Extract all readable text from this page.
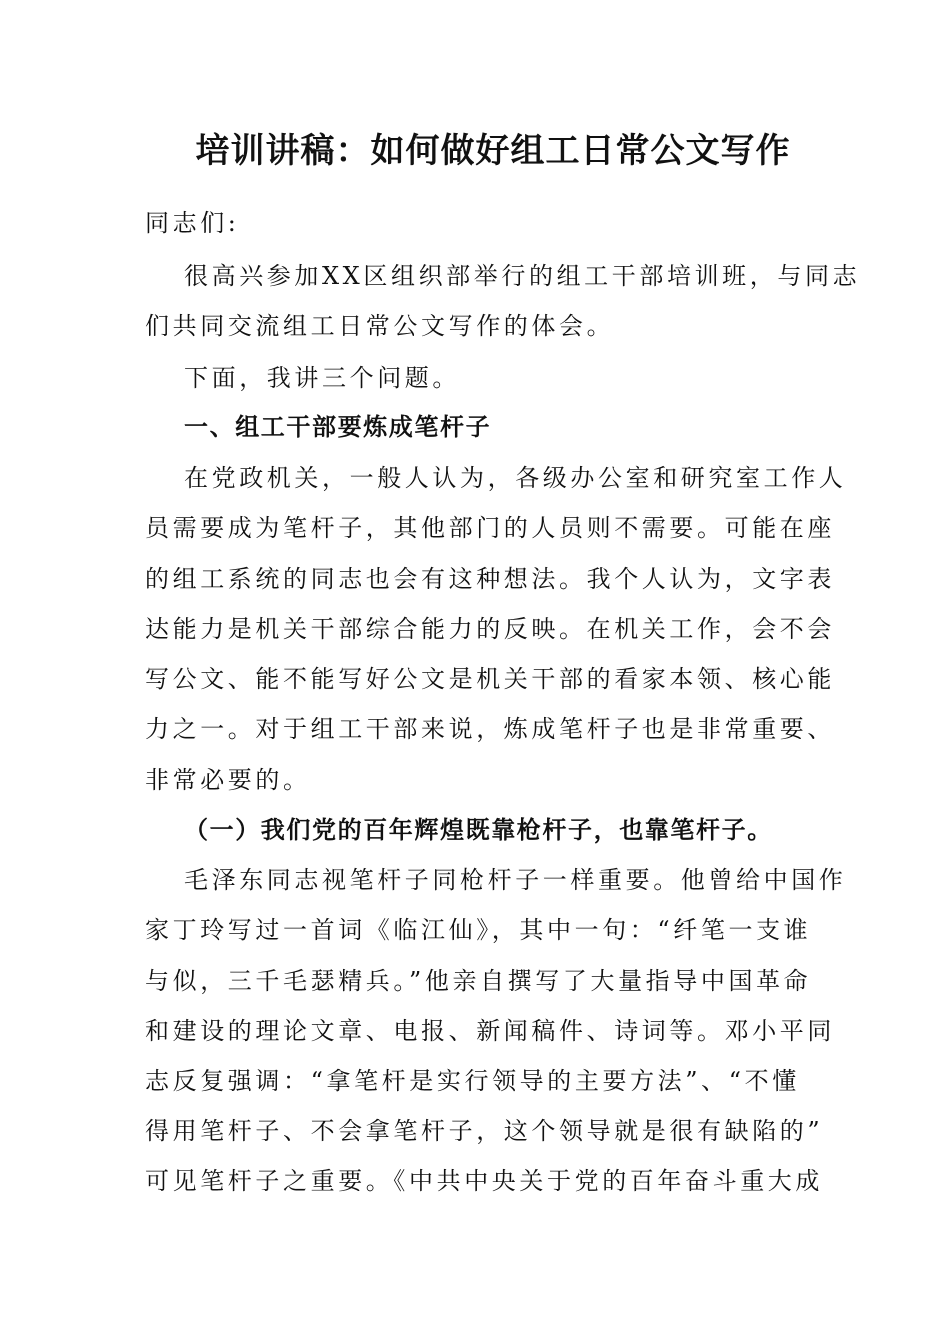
培训讲稿：如何做好组工日常公文写作
同志们:
很高兴参加XX区组织部举行的组工干部培训班，与同志
们共同交流组工日常公文写作的体会。
下面，我讲三个问题。
一、组工干部要炼成笔杆子
在党政机关，一般人认为，各级办公室和研究室工作人
员需要成为笔杆子，其他部门的人员则不需要。可能在座
的组工系统的同志也会有这种想法。我个人认为，文字表
达能力是机关干部综合能力的反映。在机关工作，会不会
写公文、能不能写好公文是机关干部的看家本领、核心能
力之一。对于组工干部来说，炼成笔杆子也是非常重要、
非常必要的。
（一）我们党的百年辉煌既靠枪杆子，也靠笔杆子。
毛泽东同志视笔杆子同枪杆子一样重要。他曾给中国作
家丁玲写过一首词《临江仙》，其中一句：“纤笔一支谁
与似，三千毛瑟精兵。”他亲自撰写了大量指导中国革命
和建设的理论文章、电报、新闻稿件、诗词等。邓小平同
志反复强调：“拿笔杆是实行领导的主要方法”、“不懂
得用笔杆子、不会拿笔杆子，这个领导就是很有缺陷的”
可见笔杆子之重要。《中共中央关于党的百年奋斗重大成
